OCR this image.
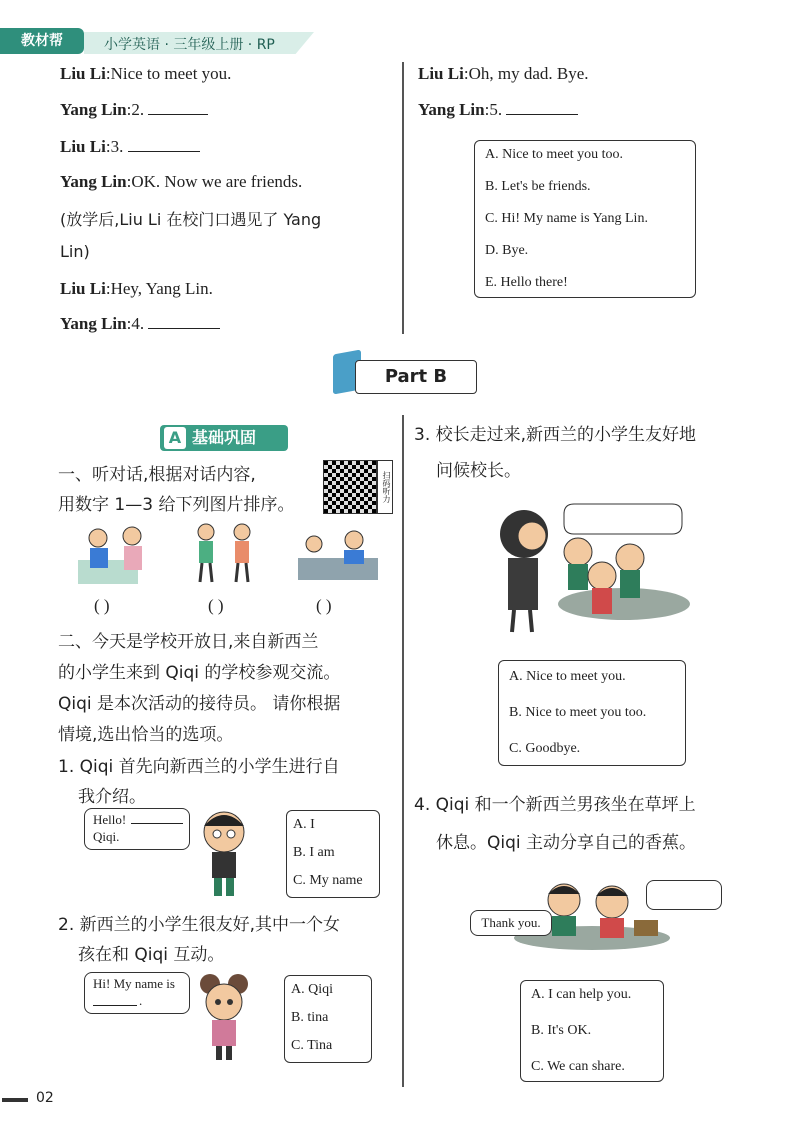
教材帮	小学英语 · 三年级上册 · RP
Liu Li:Nice to meet you.
Yang Lin:2.
Liu Li:3.
Yang Lin:OK. Now we are friends.
(放学后,Liu Li 在校门口遇见了 Yang
Lin)
Liu Li:Hey, Yang Lin.
Yang Lin:4.
Liu Li:Oh, my dad. Bye.
Yang Lin:5.
A. Nice to meet you too.
B. Let's be friends.
C. Hi! My name is Yang Lin.
D. Bye.
E. Hello there!
Part B
A 基础巩固
一、听对话,根据对话内容,
用数字 1—3 给下列图片排序。
扫码听力
( )	( )	( )
二、今天是学校开放日,来自新西兰
的小学生来到 Qiqi 的学校参观交流。
Qiqi 是本次活动的接待员。 请你根据
情境,选出恰当的选项。
1. Qiqi 首先向新西兰的小学生进行自
我介绍。
Hello!
Qiqi.
A. I
B. I am
C. My name
2. 新西兰的小学生很友好,其中一个女
孩在和 Qiqi 互动。
Hi! My name is
.
A. Qiqi
B. tina
C. Tina
3. 校长走过来,新西兰的小学生友好地
问候校长。
A. Nice to meet you.
B. Nice to meet you too.
C. Goodbye.
4. Qiqi 和一个新西兰男孩坐在草坪上
休息。Qiqi 主动分享自己的香蕉。
Thank you.
A. I can help you.
B. It's OK.
C. We can share.
02
